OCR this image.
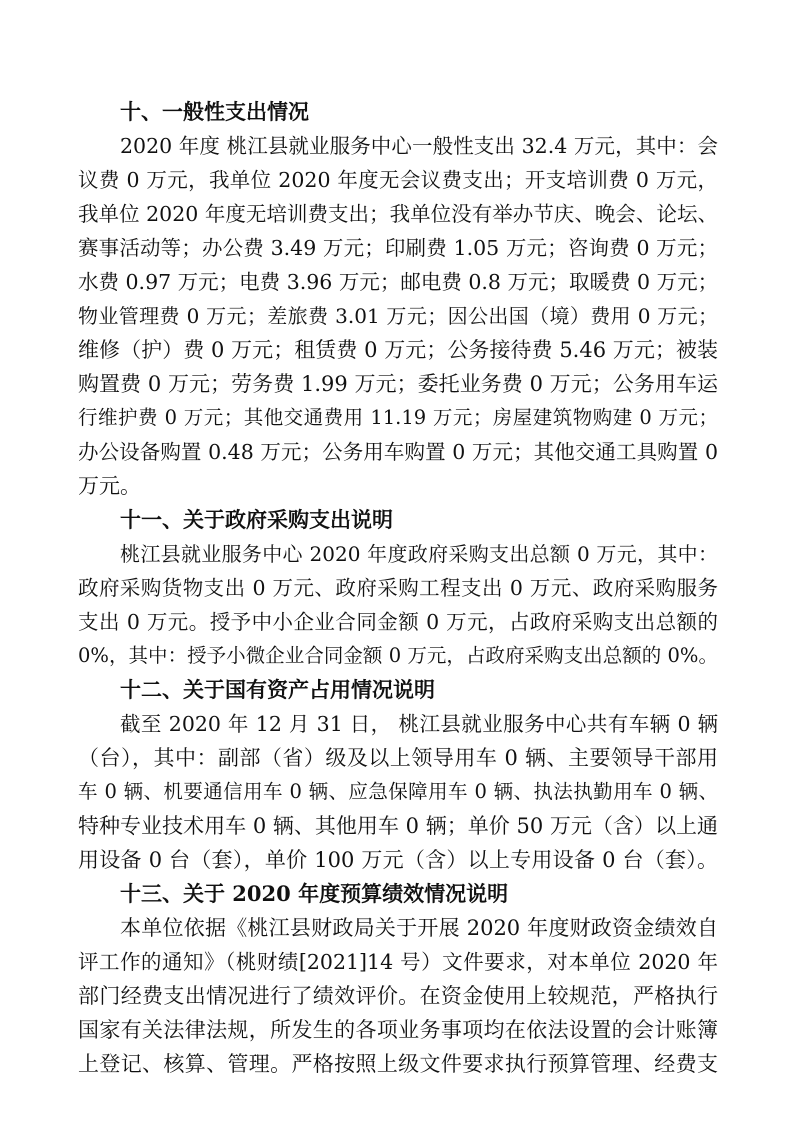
十、一般性支出情况
2020 年度 桃江县就业服务中心一般性支出 32.4 万元，其中：会
议费 0 万元，我单位 2020 年度无会议费支出；开支培训费 0 万元，
我单位 2020 年度无培训费支出；我单位没有举办节庆、晚会、论坛、
赛事活动等；办公费 3.49 万元；印刷费 1.05 万元；咨询费 0 万元；
水费 0.97 万元；电费 3.96 万元；邮电费 0.8 万元；取暖费 0 万元；
物业管理费 0 万元；差旅费 3.01 万元；因公出国（境）费用 0 万元；
维修（护）费 0 万元；租赁费 0 万元；公务接待费 5.46 万元；被装
购置费 0 万元；劳务费 1.99 万元；委托业务费 0 万元；公务用车运
行维护费 0 万元；其他交通费用 11.19 万元；房屋建筑物购建 0 万元；
办公设备购置 0.48 万元；公务用车购置 0 万元；其他交通工具购置 0
万元。
十一、关于政府采购支出说明
桃江县就业服务中心 2020 年度政府采购支出总额 0 万元，其中：
政府采购货物支出 0 万元、政府采购工程支出 0 万元、政府采购服务
支出 0 万元。授予中小企业合同金额 0 万元，占政府采购支出总额的
0%，其中：授予小微企业合同金额 0 万元，占政府采购支出总额的 0%。
十二、关于国有资产占用情况说明
截至 2020 年 12 月 31 日， 桃江县就业服务中心共有车辆 0 辆
（台），其中：副部（省）级及以上领导用车 0 辆、主要领导干部用
车 0 辆、机要通信用车 0 辆、应急保障用车 0 辆、执法执勤用车 0 辆、
特种专业技术用车 0 辆、其他用车 0 辆；单价 50 万元（含）以上通
用设备 0 台（套），单价 100 万元（含）以上专用设备 0 台（套）。
十三、关于 2020 年度预算绩效情况说明
本单位依据《桃江县财政局关于开展 2020 年度财政资金绩效自
评工作的通知》（桃财绩[2021]14 号）文件要求，对本单位 2020 年
部门经费支出情况进行了绩效评价。在资金使用上较规范，严格执行
国家有关法律法规，所发生的各项业务事项均在依法设置的会计账簿
上登记、核算、管理。严格按照上级文件要求执行预算管理、经费支
